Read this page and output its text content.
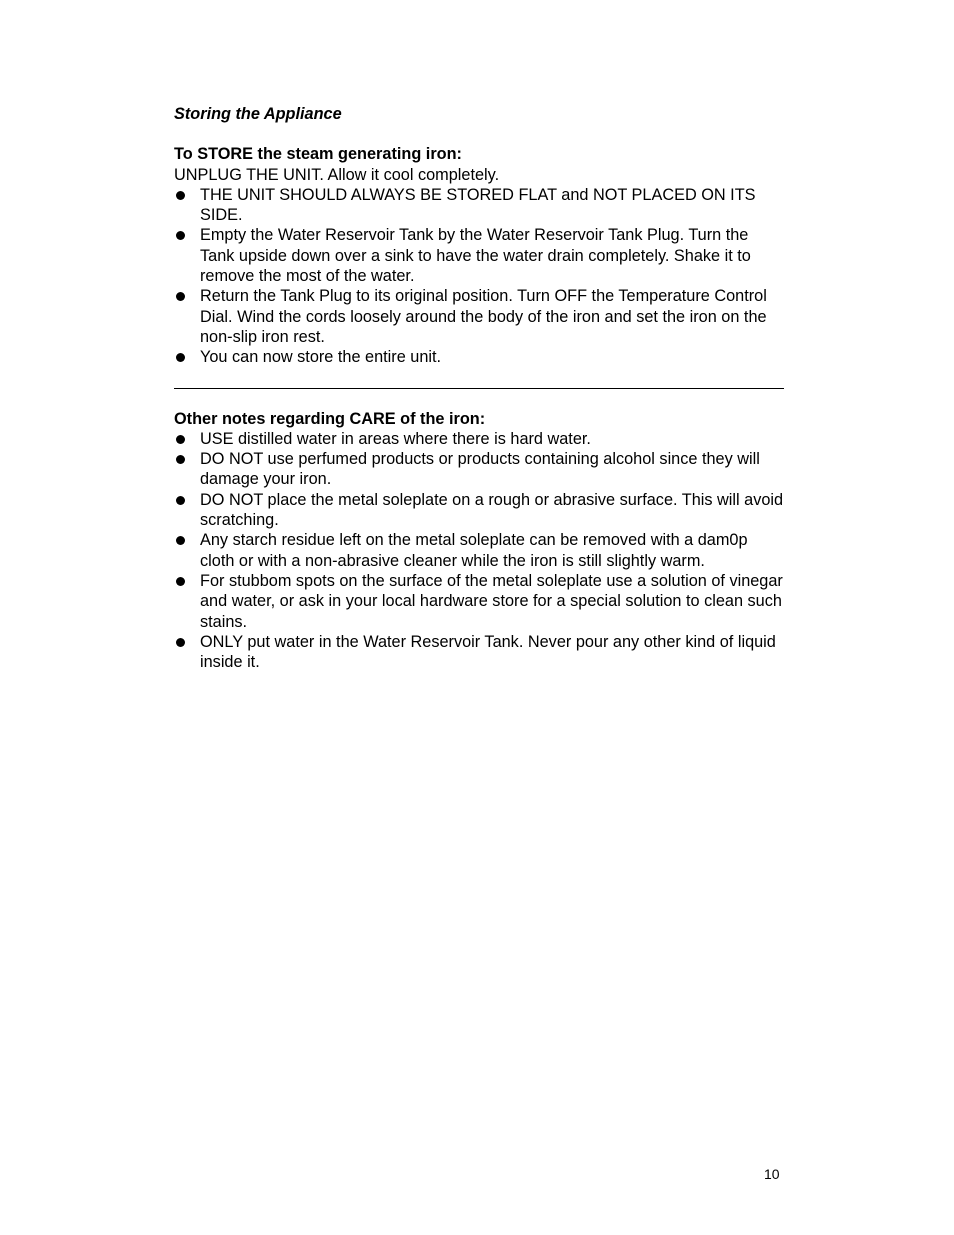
Storing the Appliance

To STORE the steam generating iron:

UNPLUG THE UNIT. Allow it cool completely.

THE UNIT SHOULD ALWAYS BE STORED FLAT and NOT PLACED ON ITS SIDE.
Empty the Water Reservoir Tank by the Water Reservoir Tank Plug. Turn the Tank upside down over a sink to have the water drain completely. Shake it to remove the most of the water.
Return the Tank Plug to its original position. Turn OFF the Temperature Control Dial. Wind the cords loosely around the body of the iron and set the iron on the non-slip iron rest.
You can now store the entire unit.

Other notes regarding CARE of the iron:

USE distilled water in areas where there is hard water.
DO NOT use perfumed products or products containing alcohol since they will damage your iron.
DO NOT place the metal soleplate on a rough or abrasive surface. This will avoid scratching.
Any starch residue left on the metal soleplate can be removed with a dam0p cloth or with a non-abrasive cleaner while the iron is still slightly warm.
For stubbom spots on the surface of the metal soleplate use a solution of vinegar and water, or ask in your local hardware store for a special solution to clean such stains.
ONLY put water in the Water Reservoir Tank. Never pour any other kind of liquid inside it.
10
